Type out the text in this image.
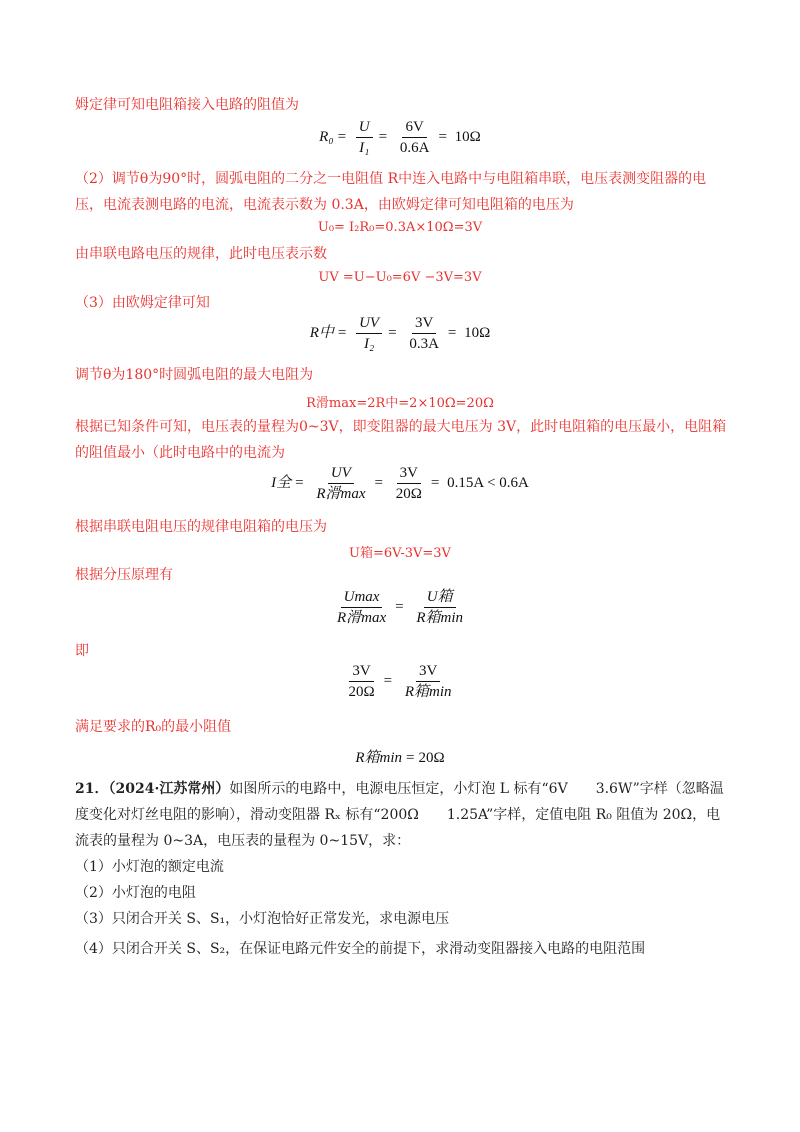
姆定律可知电阻箱接入电路的阻值为
$R_0 = \frac{U}{\text{I₁}} = \frac{6V}{0.6A} = 10\Omega$
（2）调节θ为90°时，圆弧电阻的二分之一电阻值 R中连入电路中与电阻箱串联，电压表测变阻器的电
压，电流表测电路的电流，电流表示数为 0.3A，由欧姆定律可知电阻箱的电压为
U₀= I₂R₀=0.3A×10Ω=3V
由串联电路电压的规律，此时电压表示数
UV =U−U₀=6V −3V=3V
（3）由欧姆定律可知
R中 = $\frac{UV}{\text{I₂}} = \frac{3V}{0.3A} = 10\Omega$
调节θ为180°时圆弧电阻的最大电阻为
R滑max=2R中=2×10Ω=20Ω
根据已知条件可知，电压表的量程为0~3V，即变阻器的最大电压为 3V，此时电阻箱的电压最小，电阻箱
的阻值最小（此时电路中的电流为
I全 = $\frac{UV}{\text{R滑max}} = \frac{3V}{20\Omega} = 0.15A < 0.6A$
根据串联电阻电压的规律电阻箱的电压为
U箱=6V-3V=3V
根据分压原理有
$\frac{Umax}{\text{R滑max}} = \frac{\text{U箱}}{\text{R箱min}}$
即
$\frac{3V}{20\Omega} = \frac{3V}{\text{R箱min}}$
满足要求的R₀的最小阻值
R箱min = 20Ω
21．（2024·江苏常州）如图所示的电路中，电源电压恒定，小灯泡 L 标有“6V　　3.6W”字样（忽略温
度变化对灯丝电阻的影响），滑动变阻器 Rₓ 标有“200Ω　　1.25A”字样，定值电阻 R₀ 阻值为 20Ω，电
流表的量程为 0~3A，电压表的量程为 0~15V，求：
（1）小灯泡的额定电流
（2）小灯泡的电阻
（3）只闭合开关 S、S₁，小灯泡恰好正常发光，求电源电压
（4）只闭合开关 S、S₂，在保证电路元件安全的前提下，求滑动变阻器接入电路的电阻范围
